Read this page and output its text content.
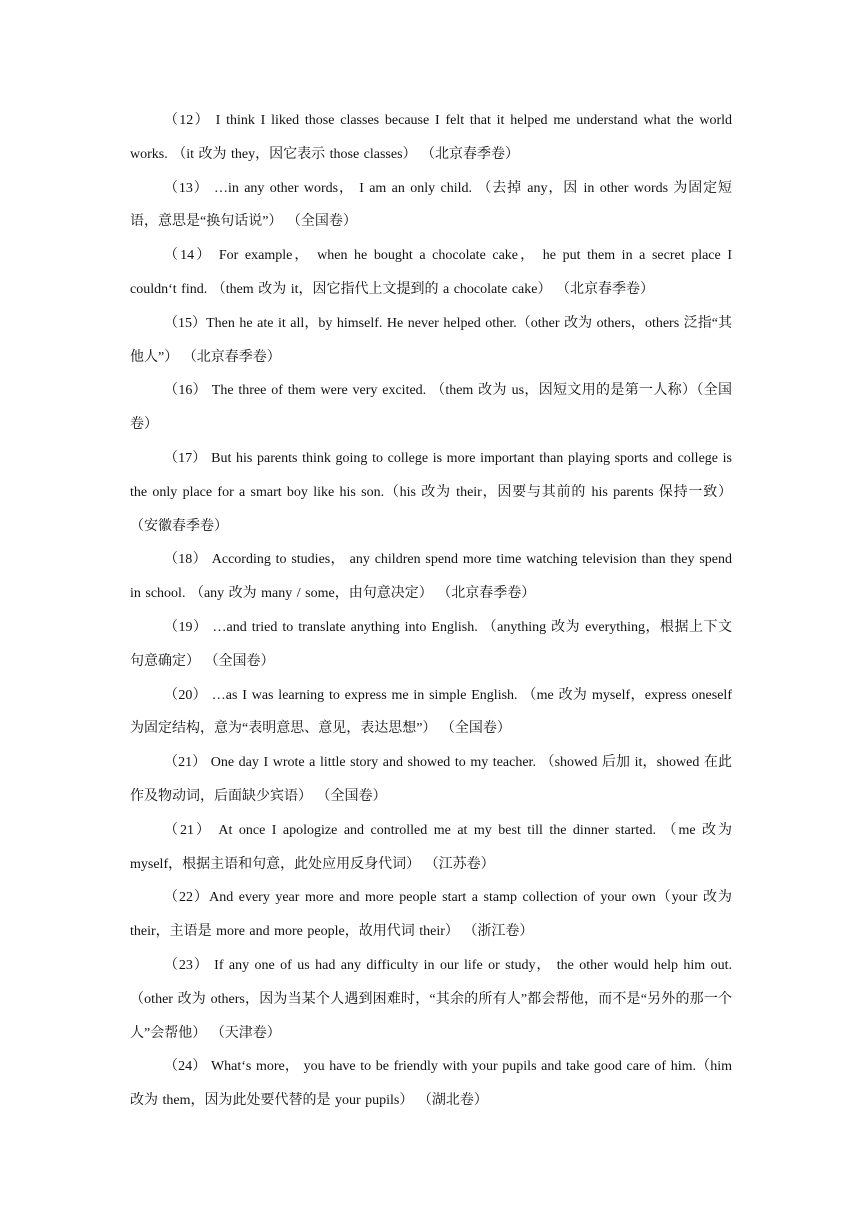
（12） I think I liked those classes because I felt that it helped me understand what the world works. （it 改为 they，因它表示 those classes） （北京春季卷）

（13） …in any other words， I am an only child. （去掉 any，因 in other words 为固定短语，意思是“换句话说”） （全国卷）

（14） For example， when he bought a chocolate cake， he put them in a secret place I couldn‘t find. （them 改为 it，因它指代上文提到的 a chocolate cake） （北京春季卷）

（15）Then he ate it all，by himself. He never helped other.（other 改为 others，others 泛指“其他人”） （北京春季卷）

（16） The three of them were very excited. （them 改为 us，因短文用的是第一人称）（全国卷）

（17） But his parents think going to college is more important than playing sports and college is the only place for a smart boy like his son.（his 改为 their，因要与其前的 his parents 保持一致） （安徽春季卷）

（18） According to studies， any children spend more time watching television than they spend in school. （any 改为 many / some，由句意决定） （北京春季卷）

（19） …and tried to translate anything into English. （anything 改为 everything，根据上下文句意确定） （全国卷）

（20） …as I was learning to express me in simple English. （me 改为 myself，express oneself 为固定结构，意为“表明意思、意见，表达思想”） （全国卷）

（21） One day I wrote a little story and showed to my teacher. （showed 后加 it，showed 在此作及物动词，后面缺少宾语） （全国卷）

（21） At once I apologize and controlled me at my best till the dinner started. （me 改为 myself，根据主语和句意，此处应用反身代词） （江苏卷）

（22）And every year more and more people start a stamp collection of your own（your 改为 their，主语是 more and more people，故用代词 their） （浙江卷）

（23） If any one of us had any difficulty in our life or study， the other would help him out.（other 改为 others，因为当某个人遇到困难时，“其余的所有人”都会帮他，而不是“另外的那一个人”会帮他） （天津卷）

（24） What‘s more， you have to be friendly with your pupils and take good care of him.（him 改为 them，因为此处要代替的是 your pupils） （湖北卷）
